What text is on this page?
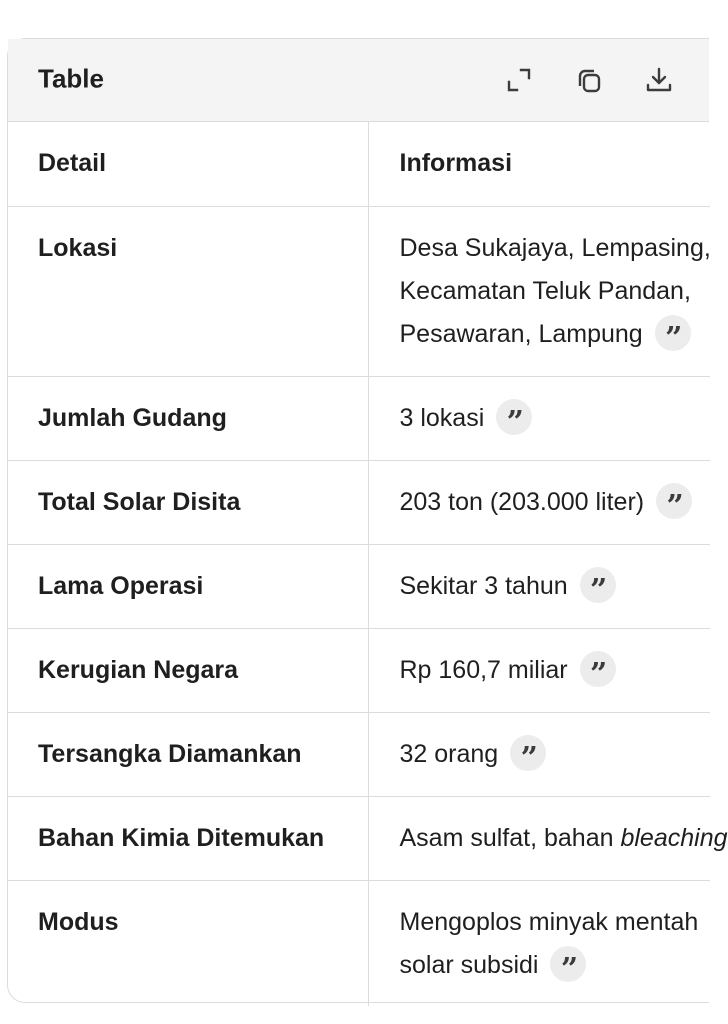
Table
Detail	Informasi

Lokasi	Desa Sukajaya, Lempasing,
Kecamatan Teluk Pandan,
Pesawaran, Lampung ”

Jumlah Gudang	3 lokasi ”

Total Solar Disita	203 ton (203.000 liter) ”

Lama Operasi	Sekitar 3 tahun ”

Kerugian Negara	Rp 160,7 miliar ”

Tersangka Diamankan	32 orang ”

Bahan Kimia Ditemukan	Asam sulfat, bahan bleaching

Modus	Mengoplos minyak mentah
solar subsidi ”
